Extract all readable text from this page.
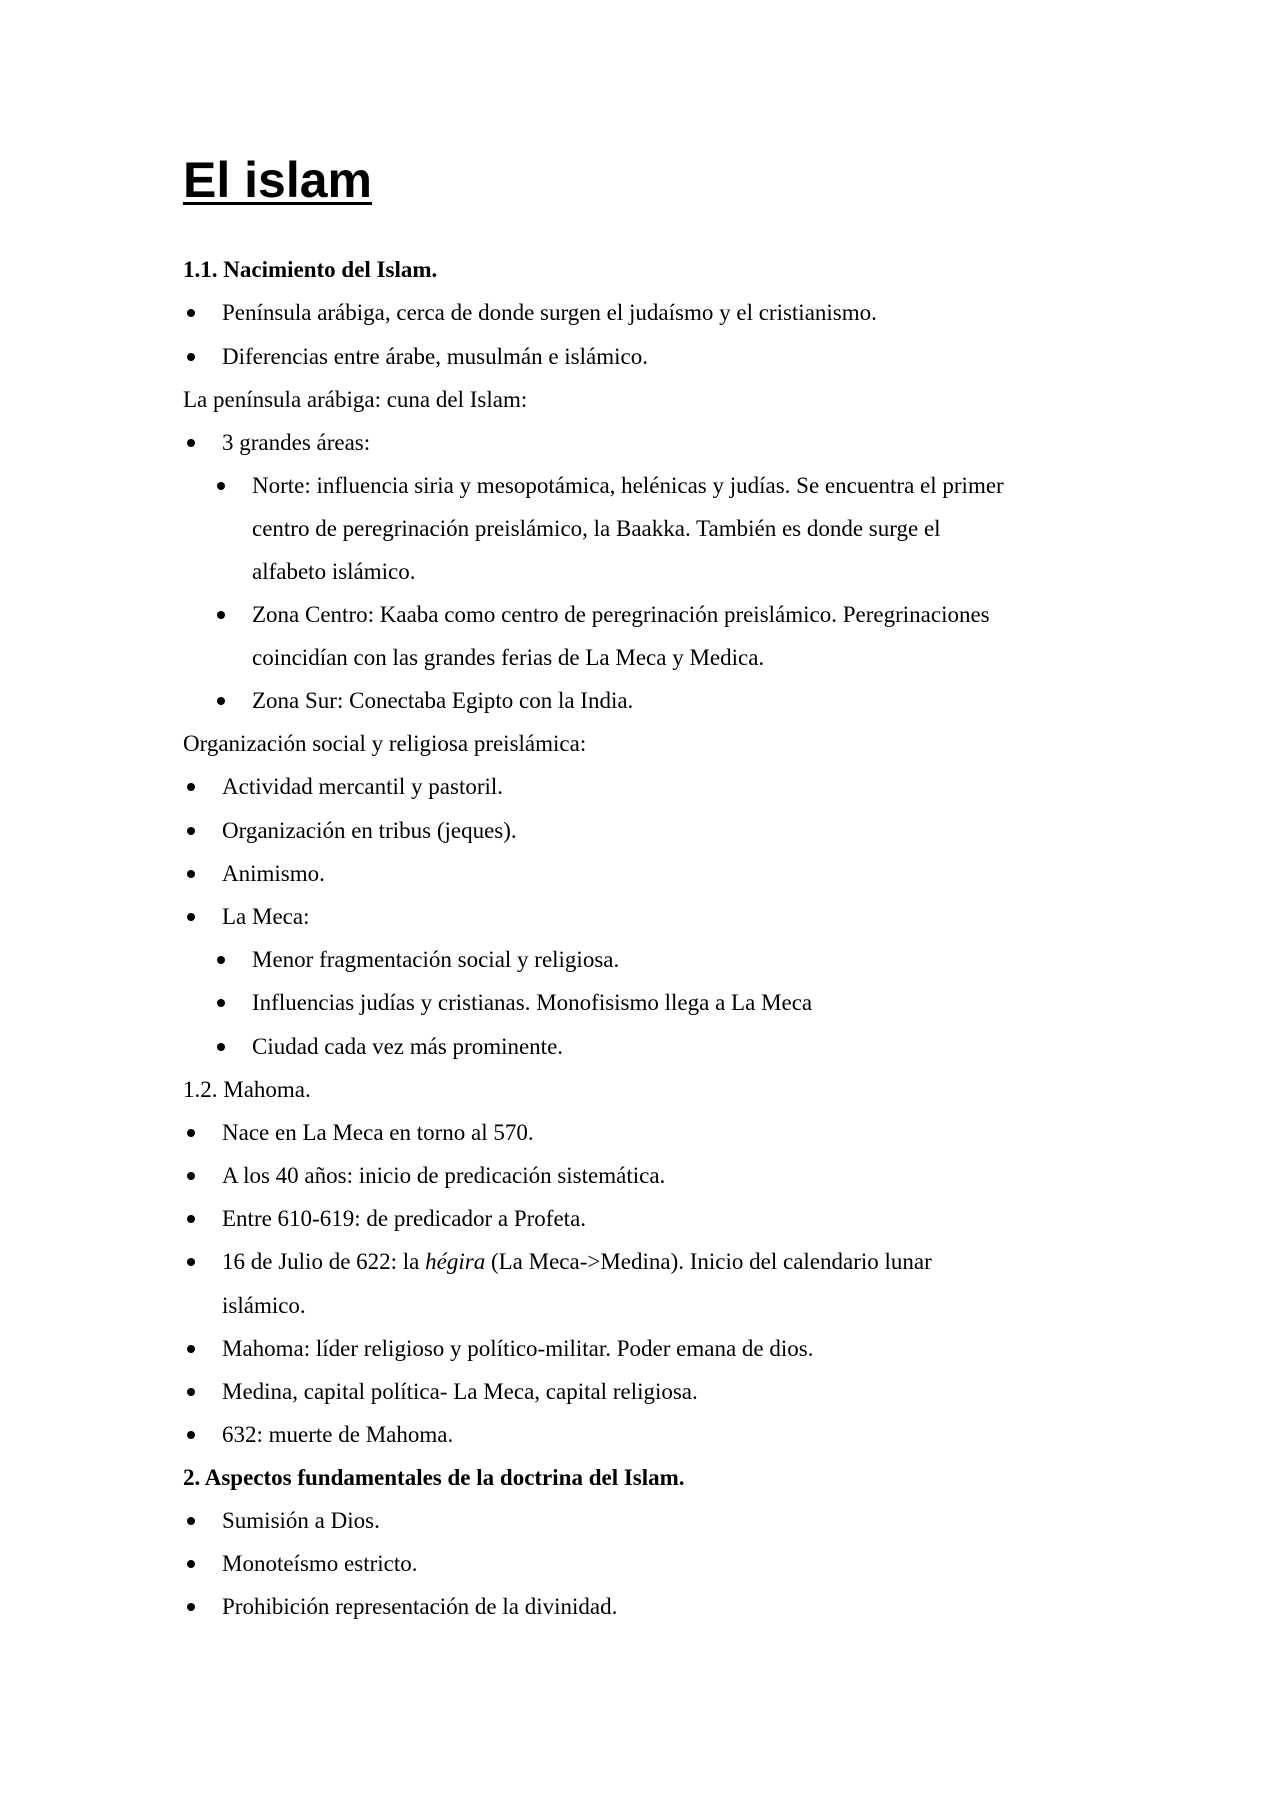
El islam
1.1. Nacimiento del Islam.
Península arábiga, cerca de donde surgen el judaísmo y el cristianismo.
Diferencias entre árabe, musulmán e islámico.
La península arábiga: cuna del Islam:
3 grandes áreas:
Norte: influencia siria y mesopotámica, helénicas y judías. Se encuentra el primer
centro de peregrinación preislámico, la Baakka. También es donde surge el
alfabeto islámico.
Zona Centro: Kaaba como centro de peregrinación preislámico. Peregrinaciones
coincidían con las grandes ferias de La Meca y Medica.
Zona Sur: Conectaba Egipto con la India.
Organización social y religiosa preislámica:
Actividad mercantil y pastoril.
Organización en tribus (jeques).
Animismo.
La Meca:
Menor fragmentación social y religiosa.
Influencias judías y cristianas. Monofisismo llega a La Meca
Ciudad cada vez más prominente.
1.2. Mahoma.
Nace en La Meca en torno al 570.
A los 40 años: inicio de predicación sistemática.
Entre 610-619: de predicador a Profeta.
16 de Julio de 622: la hégira (La Meca->Medina). Inicio del calendario lunar
islámico.
Mahoma: líder religioso y político-militar. Poder emana de dios.
Medina, capital política- La Meca, capital religiosa.
632: muerte de Mahoma.
2. Aspectos fundamentales de la doctrina del Islam.
Sumisión a Dios.
Monoteísmo estricto.
Prohibición representación de la divinidad.
